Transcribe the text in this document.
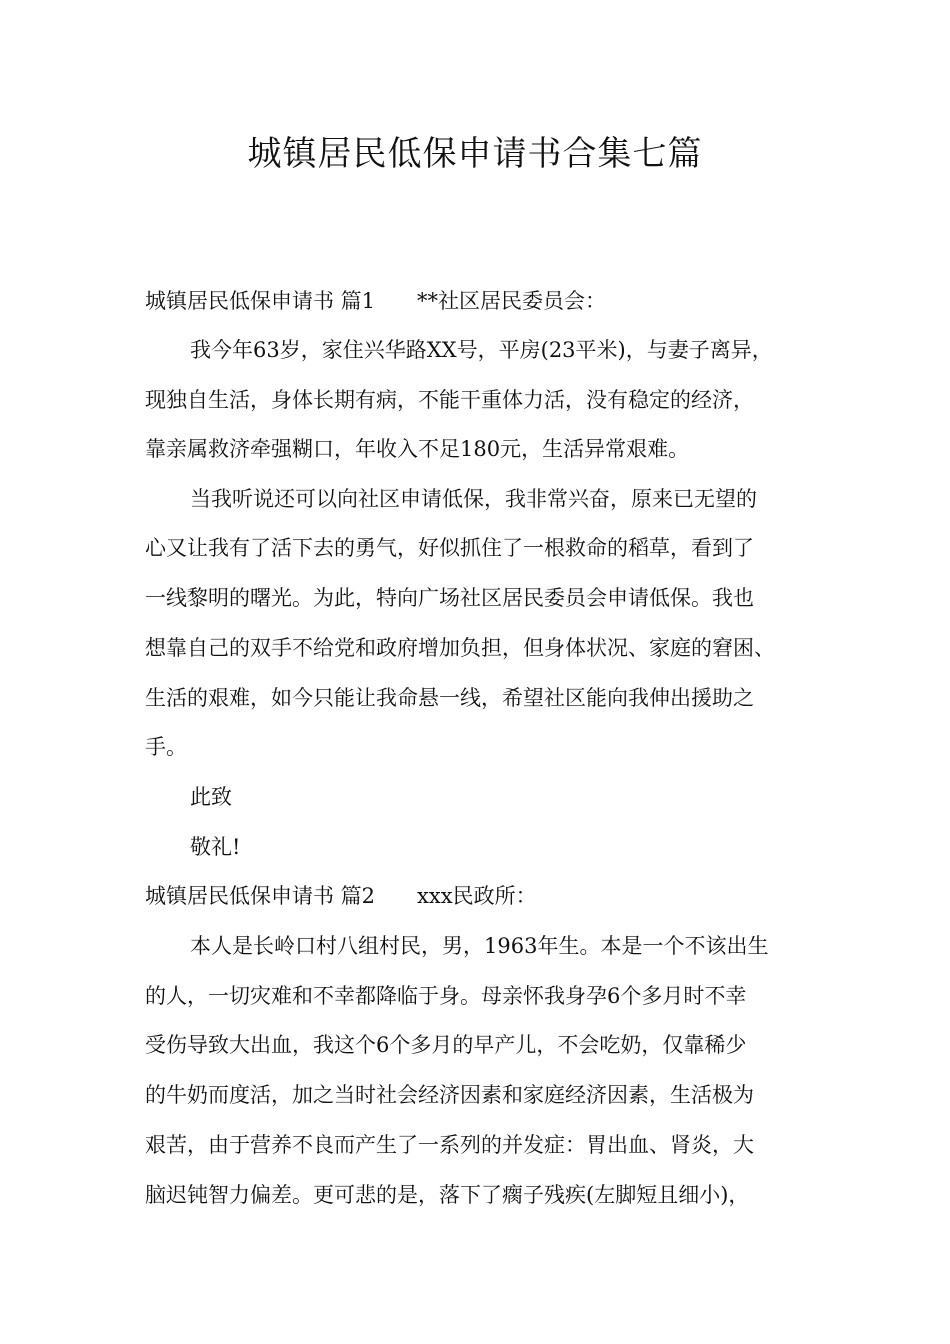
城镇居民低保申请书合集七篇
城镇居民低保申请书 篇1 **社区居民委员会：
我今年63岁，家住兴华路XX号，平房(23平米)，与妻子离异，
现独自生活，身体长期有病，不能干重体力活，没有稳定的经济，
靠亲属救济牵强糊口，年收入不足180元，生活异常艰难。
当我听说还可以向社区申请低保，我非常兴奋，原来已无望的
心又让我有了活下去的勇气，好似抓住了一根救命的稻草，看到了
一线黎明的曙光。为此，特向广场社区居民委员会申请低保。我也
想靠自己的双手不给党和政府增加负担，但身体状况、家庭的窘困、
生活的艰难，如今只能让我命悬一线，希望社区能向我伸出援助之
手。
此致
敬礼!
城镇居民低保申请书 篇2 xxx民政所：
本人是长岭口村八组村民，男，1963年生。本是一个不该出生
的人，一切灾难和不幸都降临于身。母亲怀我身孕6个多月时不幸
受伤导致大出血，我这个6个多月的早产儿，不会吃奶，仅靠稀少
的牛奶而度活，加之当时社会经济因素和家庭经济因素，生活极为
艰苦，由于营养不良而产生了一系列的并发症：胃出血、肾炎，大
脑迟钝智力偏差。更可悲的是，落下了瘸子残疾(左脚短且细小)，
